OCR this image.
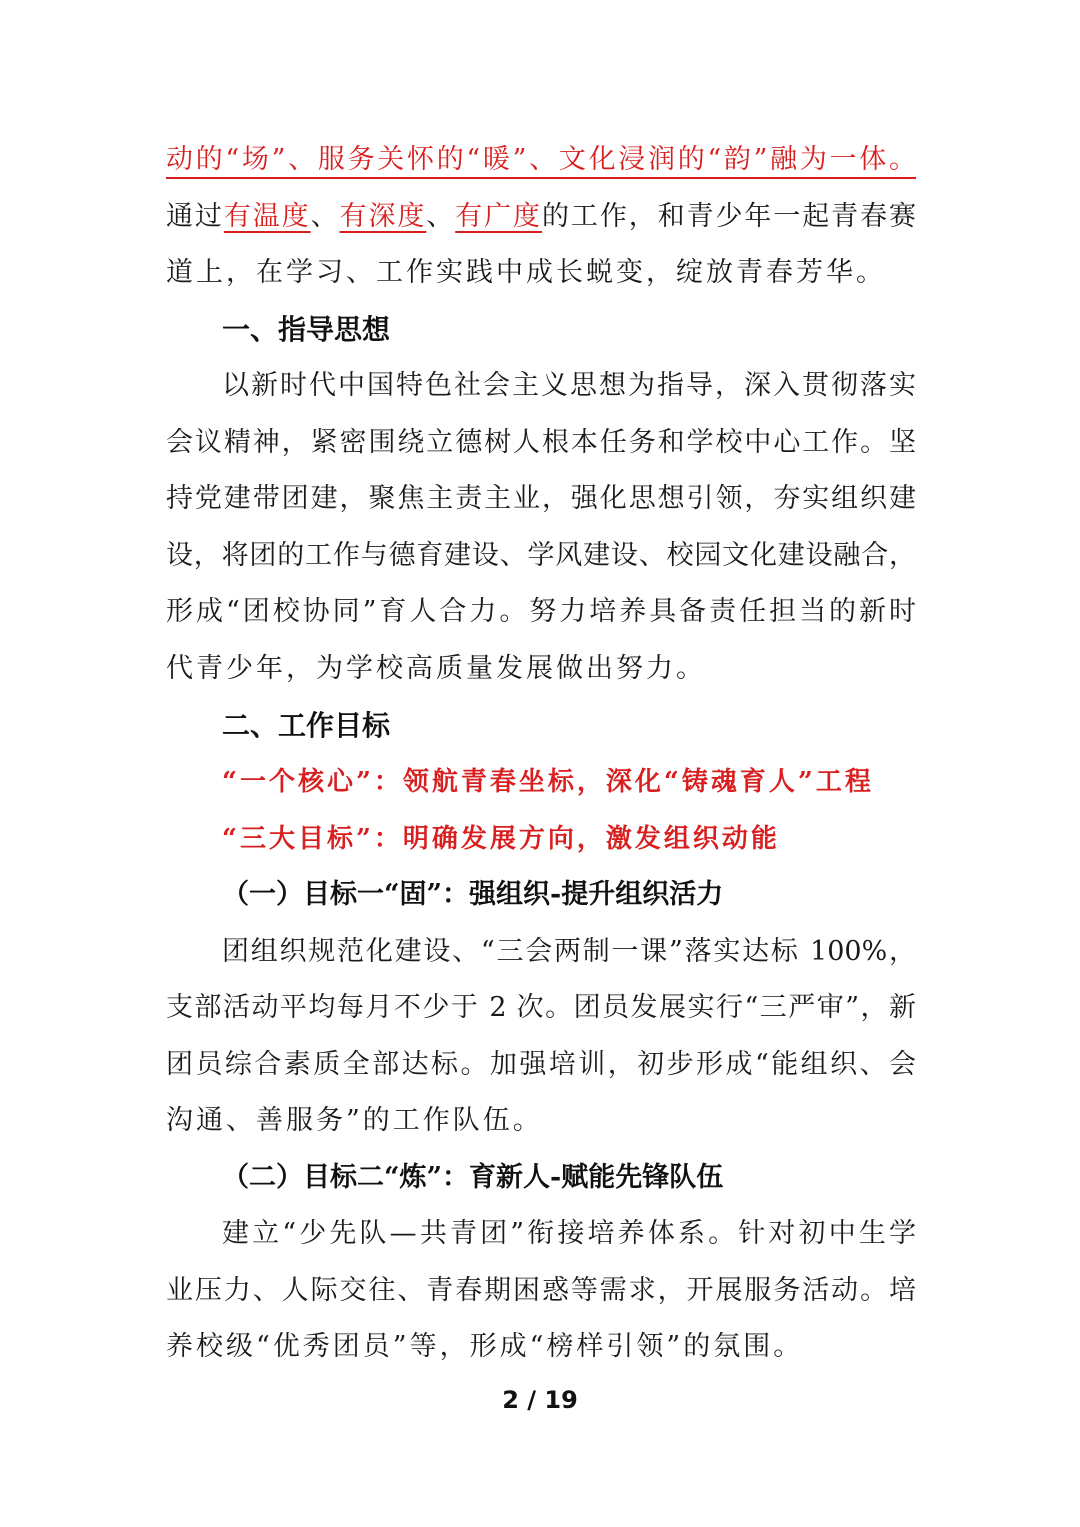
动的“场”、服务关怀的“暖”、文化浸润的“韵”融为一体。
通过有温度、有深度、有广度的工作，和青少年一起青春赛
道上，在学习、工作实践中成长蜕变，绽放青春芳华。
一、指导思想
以新时代中国特色社会主义思想为指导，深入贯彻落实
会议精神，紧密围绕立德树人根本任务和学校中心工作。坚
持党建带团建，聚焦主责主业，强化思想引领，夯实组织建
设，将团的工作与德育建设、学风建设、校园文化建设融合，
形成“团校协同”育人合力。努力培养具备责任担当的新时
代青少年，为学校高质量发展做出努力。
二、工作目标
“一个核心”：领航青春坐标，深化“铸魂育人”工程
“三大目标”：明确发展方向，激发组织动能
（一）目标一“固”：强组织-提升组织活力
团组织规范化建设、“三会两制一课”落实达标 100%，
支部活动平均每月不少于 2 次。团员发展实行“三严审”，新
团员综合素质全部达标。加强培训，初步形成“能组织、会
沟通、善服务”的工作队伍。
（二）目标二“炼”：育新人-赋能先锋队伍
建立“少先队—共青团”衔接培养体系。针对初中生学
业压力、人际交往、青春期困惑等需求，开展服务活动。培
养校级“优秀团员”等，形成“榜样引领”的氛围。
2 / 19
